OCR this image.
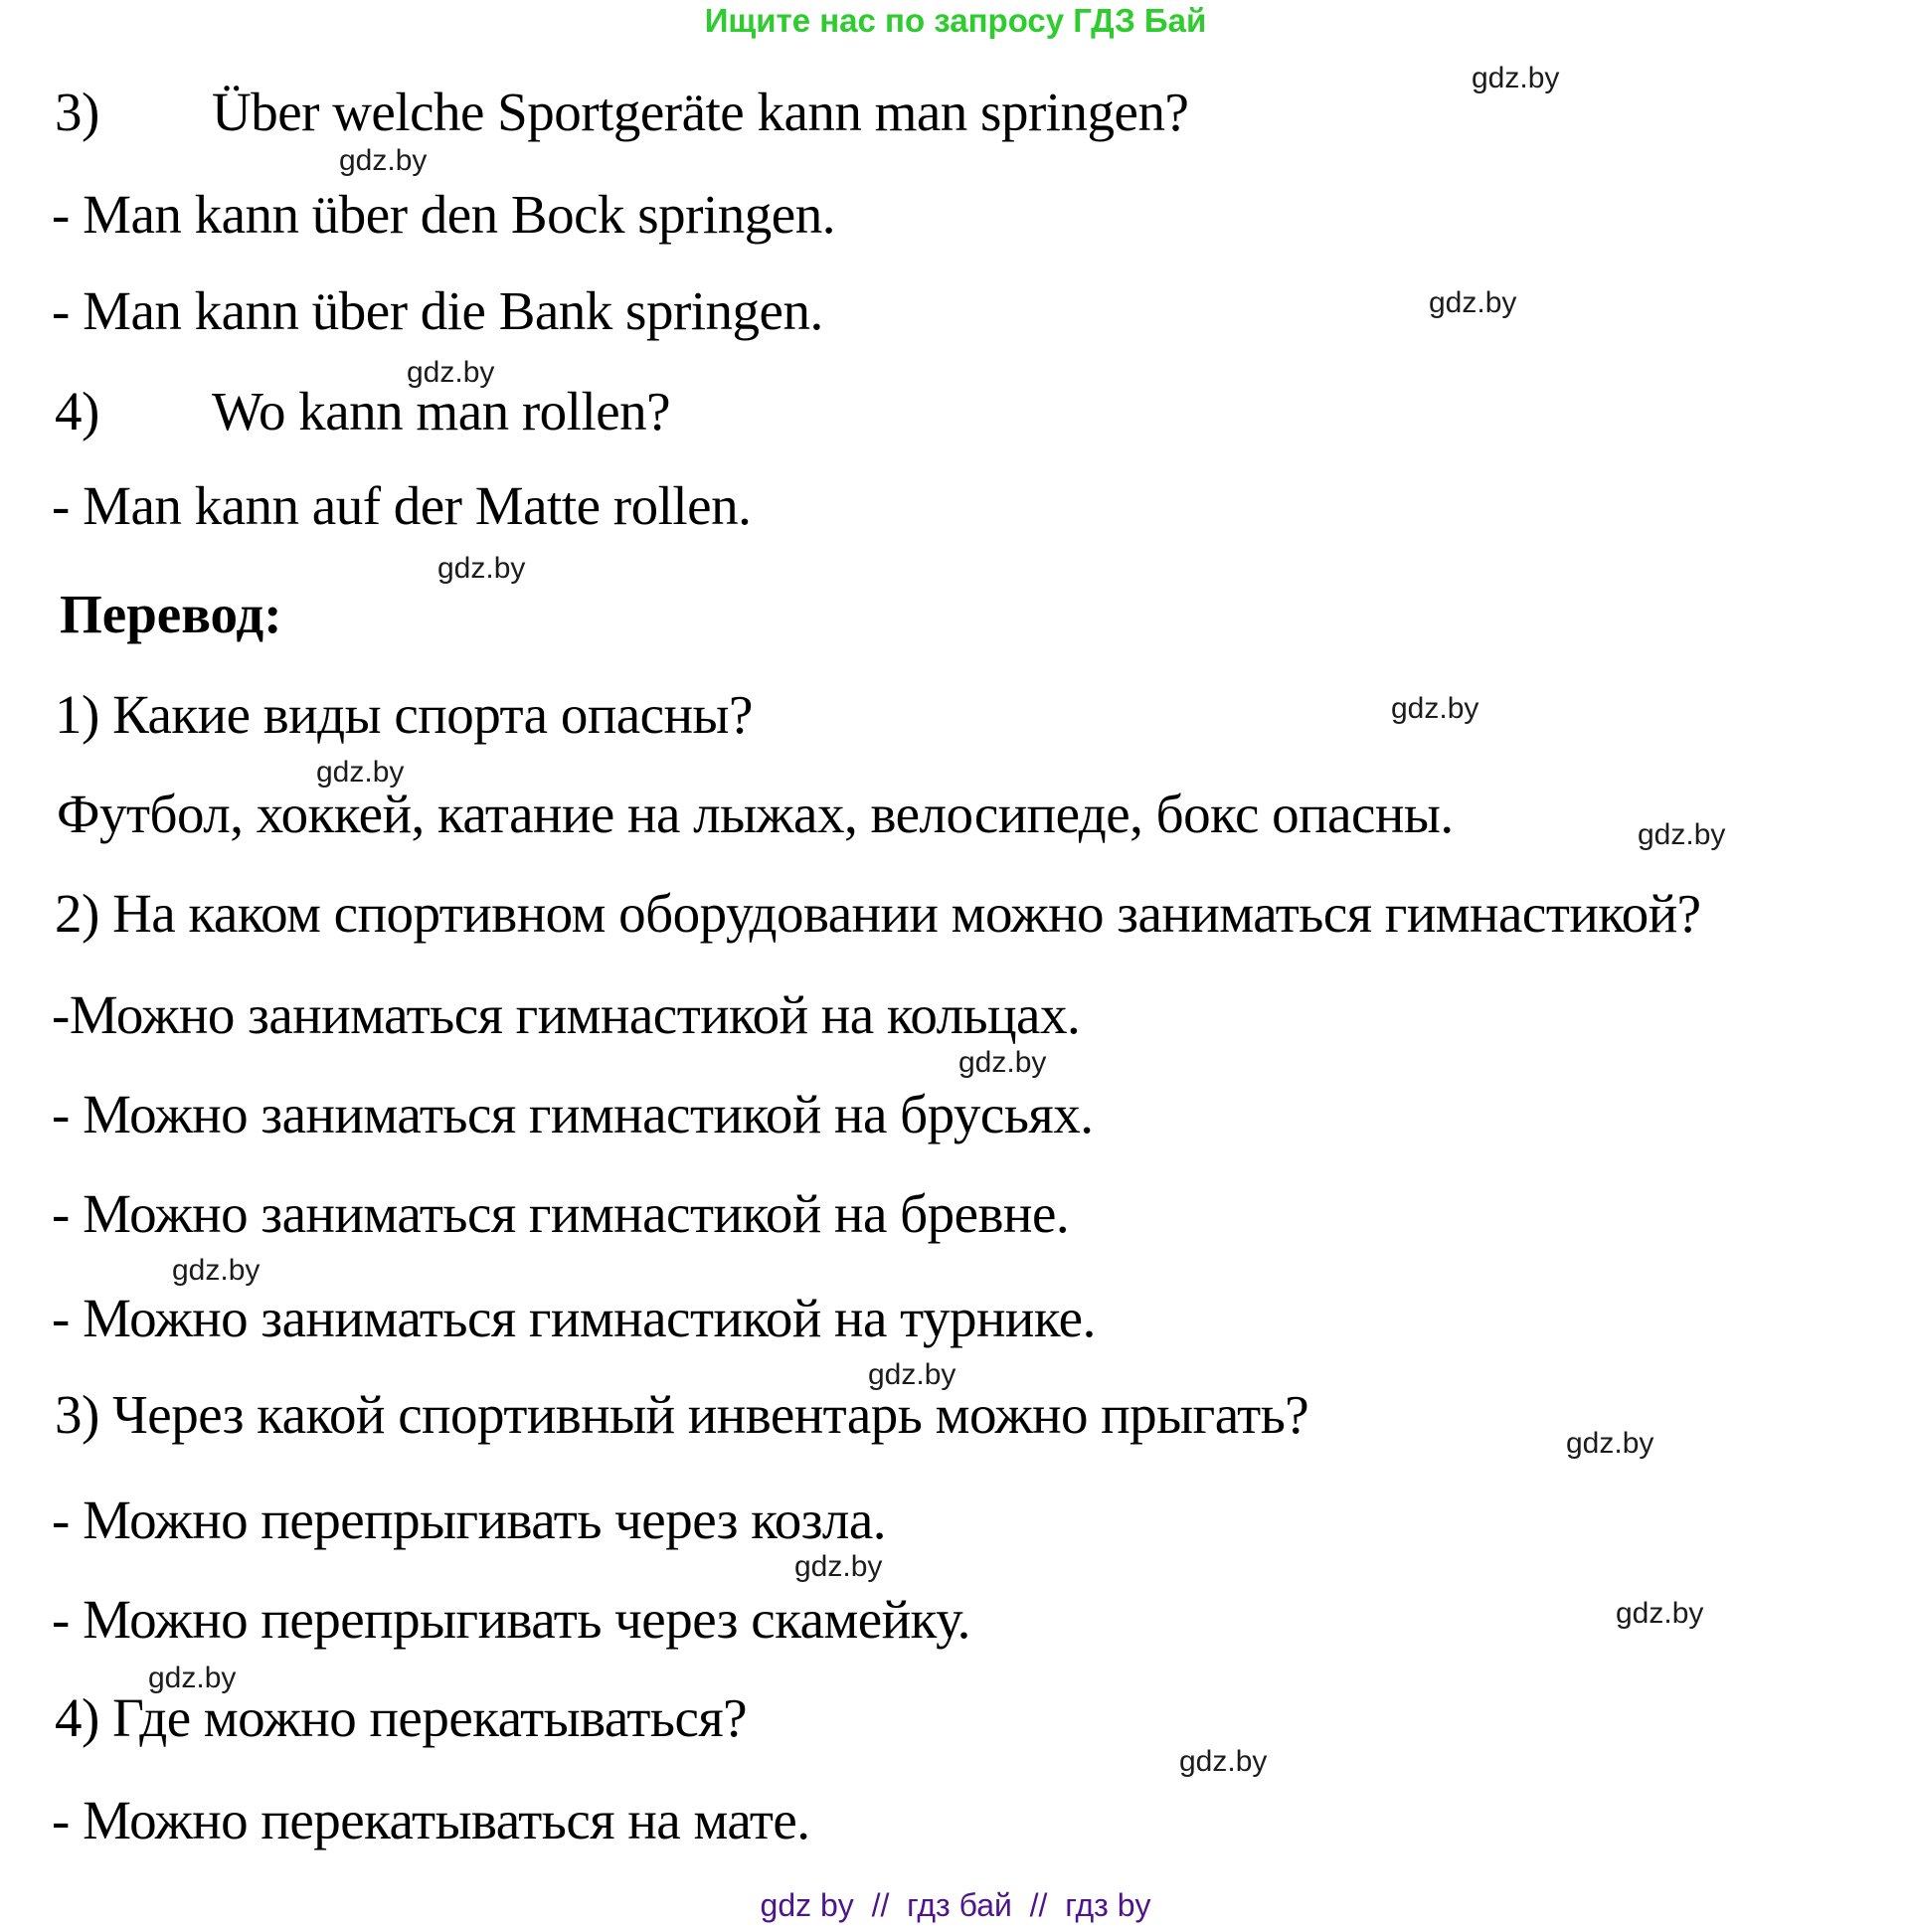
Ищите нас по запросу ГДЗ Бай
gdz.by
gdz.by
gdz.by
gdz.by
gdz.by
gdz.by
gdz.by
gdz.by
gdz.by
gdz.by
gdz.by
gdz.by
gdz.by
gdz.by
gdz.by
gdz.by
3) Über welche Sportgeräte kann man springen?
- Man kann über den Bock springen.
- Man kann über die Bank springen.
4) Wo kann man rollen?
- Man kann auf der Matte rollen.
Перевод:
1) Какие виды спорта опасны?
Футбол, хоккей, катание на лыжах, велосипеде, бокс опасны.
2) На каком спортивном оборудовании можно заниматься гимнастикой?
-Можно заниматься гимнастикой на кольцах.
- Можно заниматься гимнастикой на брусьях.
- Можно заниматься гимнастикой на бревне.
- Можно заниматься гимнастикой на турнике.
3) Через какой спортивный инвентарь можно прыгать?
- Можно перепрыгивать через козла.
- Можно перепрыгивать через скамейку.
4) Где можно перекатываться?
- Можно перекатываться на мате.
gdz by  //  гдз бай  //  гдз by
